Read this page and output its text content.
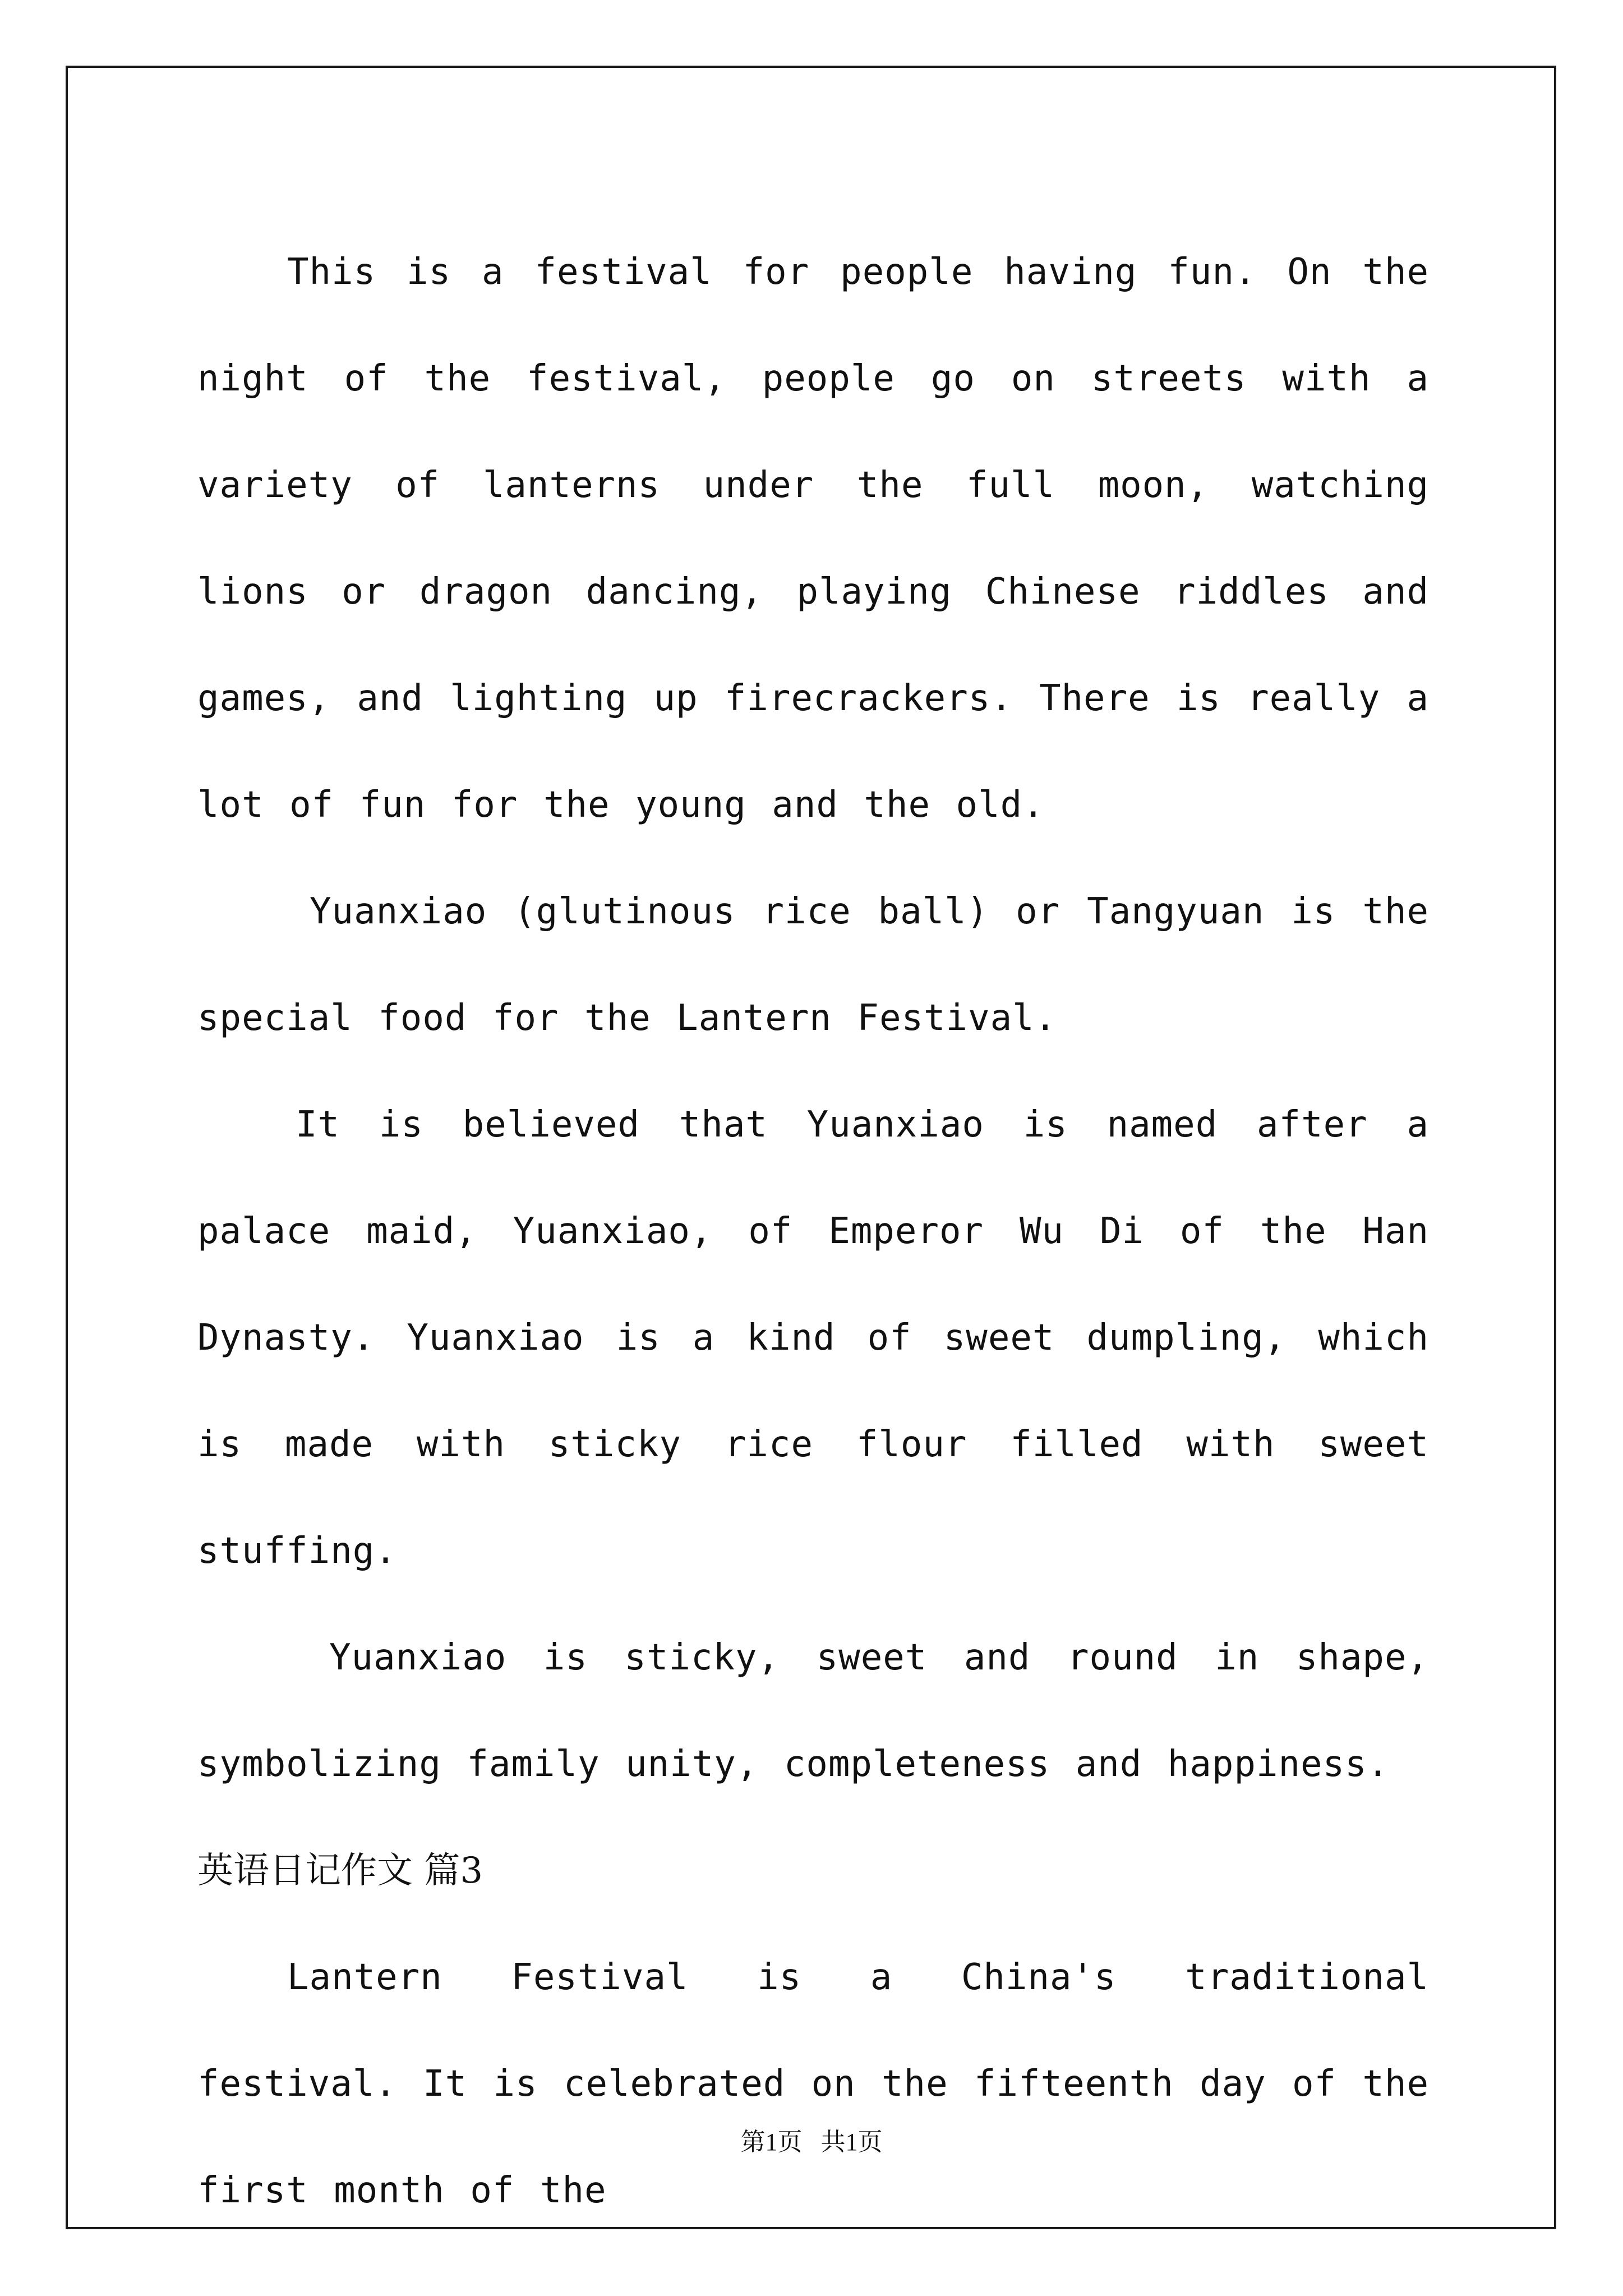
This is a festival for people having fun. On the night of the festival, people go on streets with a variety of lanterns under the full moon, watching lions or dragon dancing, playing Chinese riddles and games, and lighting up firecrackers. There is really a lot of fun for the young and the old.

Yuanxiao (glutinous rice ball) or Tangyuan is the special food for the Lantern Festival.

It is believed that Yuanxiao is named after a palace maid, Yuanxiao, of Emperor Wu Di of the Han Dynasty. Yuanxiao is a kind of sweet dumpling, which is made with sticky rice flour filled with sweet stuffing.

Yuanxiao is sticky, sweet and round in shape, symbolizing family unity, completeness and happiness.

英语日记作文 篇3

Lantern Festival is a China's traditional festival. It is celebrated on the fifteenth day of the first month of the

第1页 共1页
